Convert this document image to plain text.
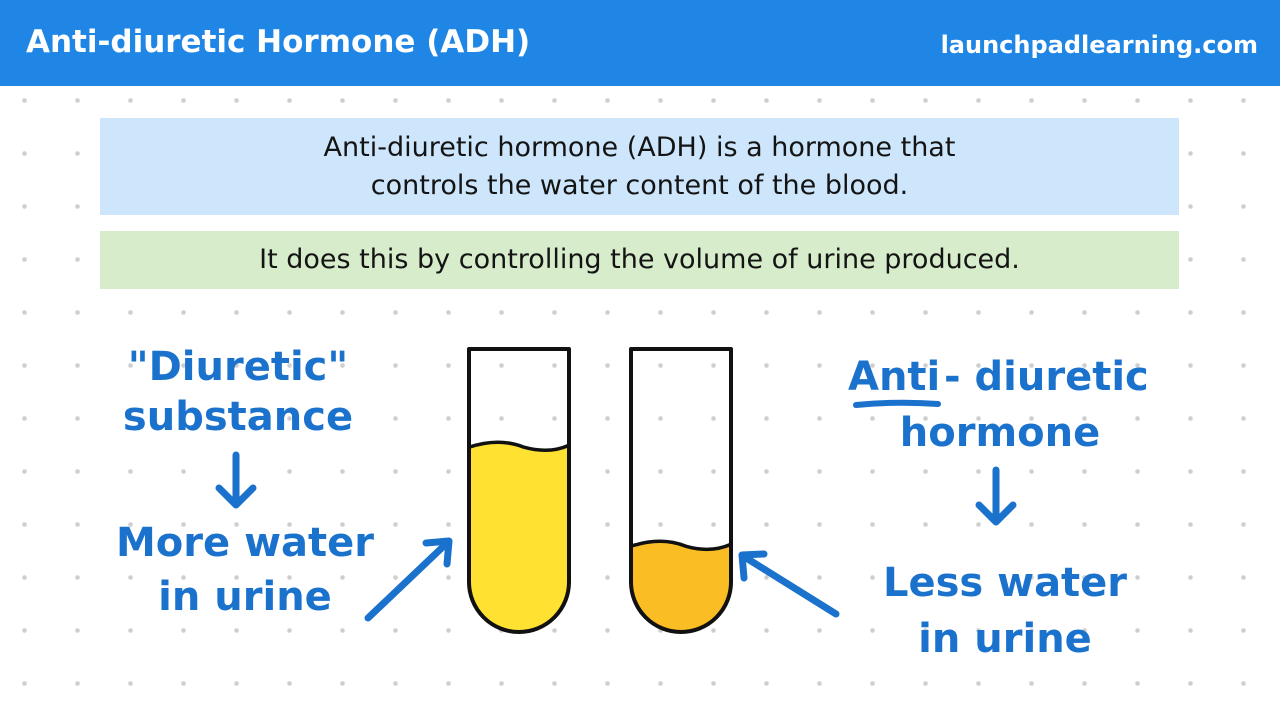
Anti-diuretic Hormone (ADH)	launchpadlearning.com
Anti-diuretic hormone (ADH) is a hormone that
controls the water content of the blood.
It does this by controlling the volume of urine produced.
"Diuretic"
substance
More water
in urine
Anti - diuretic
hormone
Less water
in urine
